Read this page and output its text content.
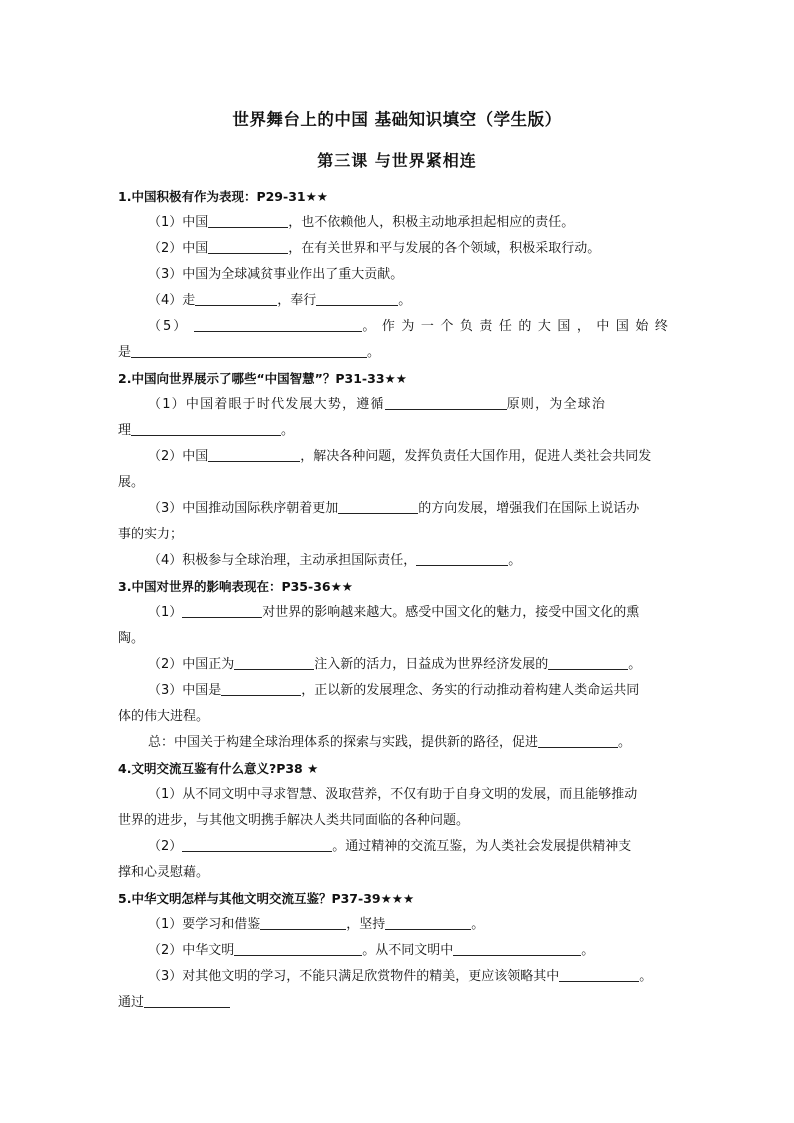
世界舞台上的中国 基础知识填空（学生版）
第三课 与世界紧相连

1.中国积极有作为表现：P29-31★★

（1）中国	，也不依赖他人，积极主动地承担起相应的责任。

（2）中国	，在有关世界和平与发展的各个领域，积极采取行动。

（3）中国为全球减贫事业作出了重大贡献。

（4）走	，奉行	。

（5）	。作为一个负责任的大国，中国始终

是	。

2.中国向世界展示了哪些“中国智慧”？P31-33★★

（1）中国着眼于时代发展大势，遵循	原则，为全球治

理	。

（2）中国	，解决各种问题，发挥负责任大国作用，促进人类社会共同发

展。

（3）中国推动国际秩序朝着更加	的方向发展，增强我们在国际上说话办

事的实力；

（4）积极参与全球治理，主动承担国际责任，	。

3.中国对世界的影响表现在：P35-36★★

（1）	对世界的影响越来越大。感受中国文化的魅力，接受中国文化的熏

陶。

（2）中国正为	注入新的活力，日益成为世界经济发展的	。

（3）中国是	，正以新的发展理念、务实的行动推动着构建人类命运共同

体的伟大进程。

总：中国关于构建全球治理体系的探索与实践，提供新的路径，促进	。

4.文明交流互鉴有什么意义?P38 ★

（1）从不同文明中寻求智慧、汲取营养，不仅有助于自身文明的发展，而且能够推动

世界的进步，与其他文明携手解决人类共同面临的各种问题。

（2）	。通过精神的交流互鉴，为人类社会发展提供精神支

撑和心灵慰藉。

5.中华文明怎样与其他文明交流互鉴？P37-39★★★

（1）要学习和借鉴	，坚持	。

（2）中华文明	。从不同文明中	。

（3）对其他文明的学习，不能只满足欣赏物件的精美，更应该领略其中	。

通过
